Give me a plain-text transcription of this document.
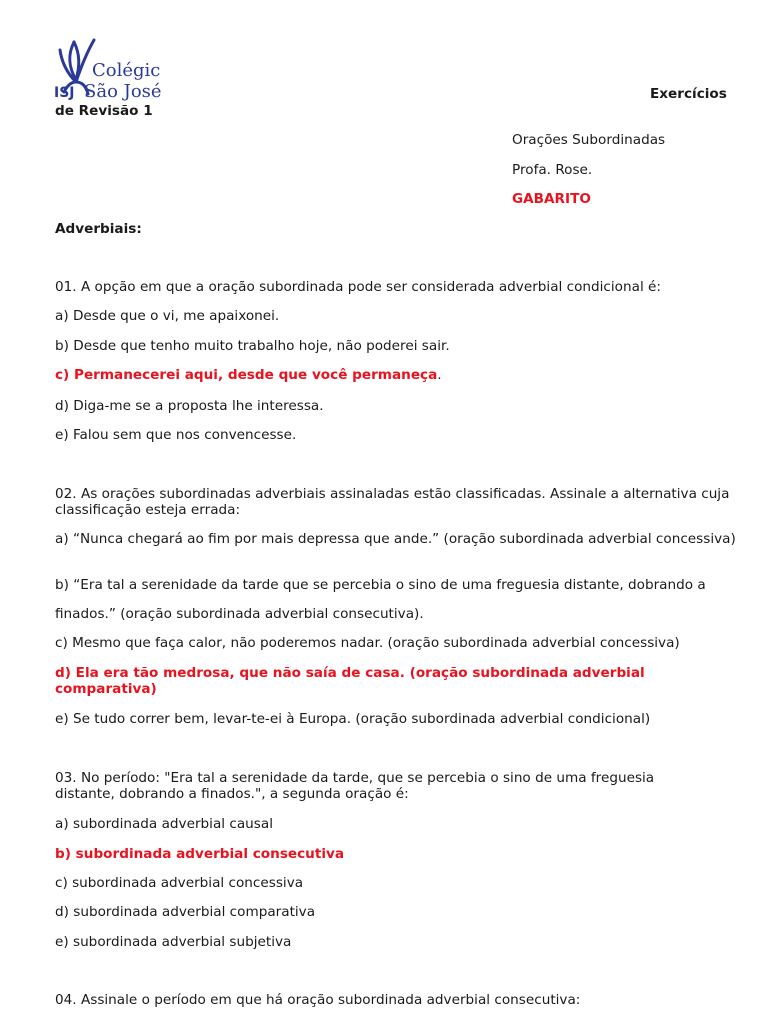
Colégic
São José
ISJ	Exercícios
de Revisão 1
Orações Subordinadas
Profa. Rose.
GABARITO
Adverbiais:
01. A opção em que a oração subordinada pode ser considerada adverbial condicional é:
a) Desde que o vi, me apaixonei.
b) Desde que tenho muito trabalho hoje, não poderei sair.
c) Permanecerei aqui, desde que você permaneça.
d) Diga-me se a proposta lhe interessa.
e) Falou sem que nos convencesse.
02. As orações subordinadas adverbiais assinaladas estão classificadas. Assinale a alternativa cuja classificação esteja errada:
a) “Nunca chegará ao fim por mais depressa que ande.” (oração subordinada adverbial concessiva)
b) “Era tal a serenidade da tarde que se percebia o sino de uma freguesia distante, dobrando a
finados.” (oração subordinada adverbial consecutiva).
c) Mesmo que faça calor, não poderemos nadar. (oração subordinada adverbial concessiva)
d) Ela era tão medrosa, que não saía de casa. (oração subordinada adverbial comparativa)
e) Se tudo correr bem, levar-te-ei à Europa. (oração subordinada adverbial condicional)
03. No período: "Era tal a serenidade da tarde, que se percebia o sino de uma freguesia distante, dobrando a finados.", a segunda oração é:
a) subordinada adverbial causal
b) subordinada adverbial consecutiva
c) subordinada adverbial concessiva
d) subordinada adverbial comparativa
e) subordinada adverbial subjetiva
04. Assinale o período em que há oração subordinada adverbial consecutiva:
